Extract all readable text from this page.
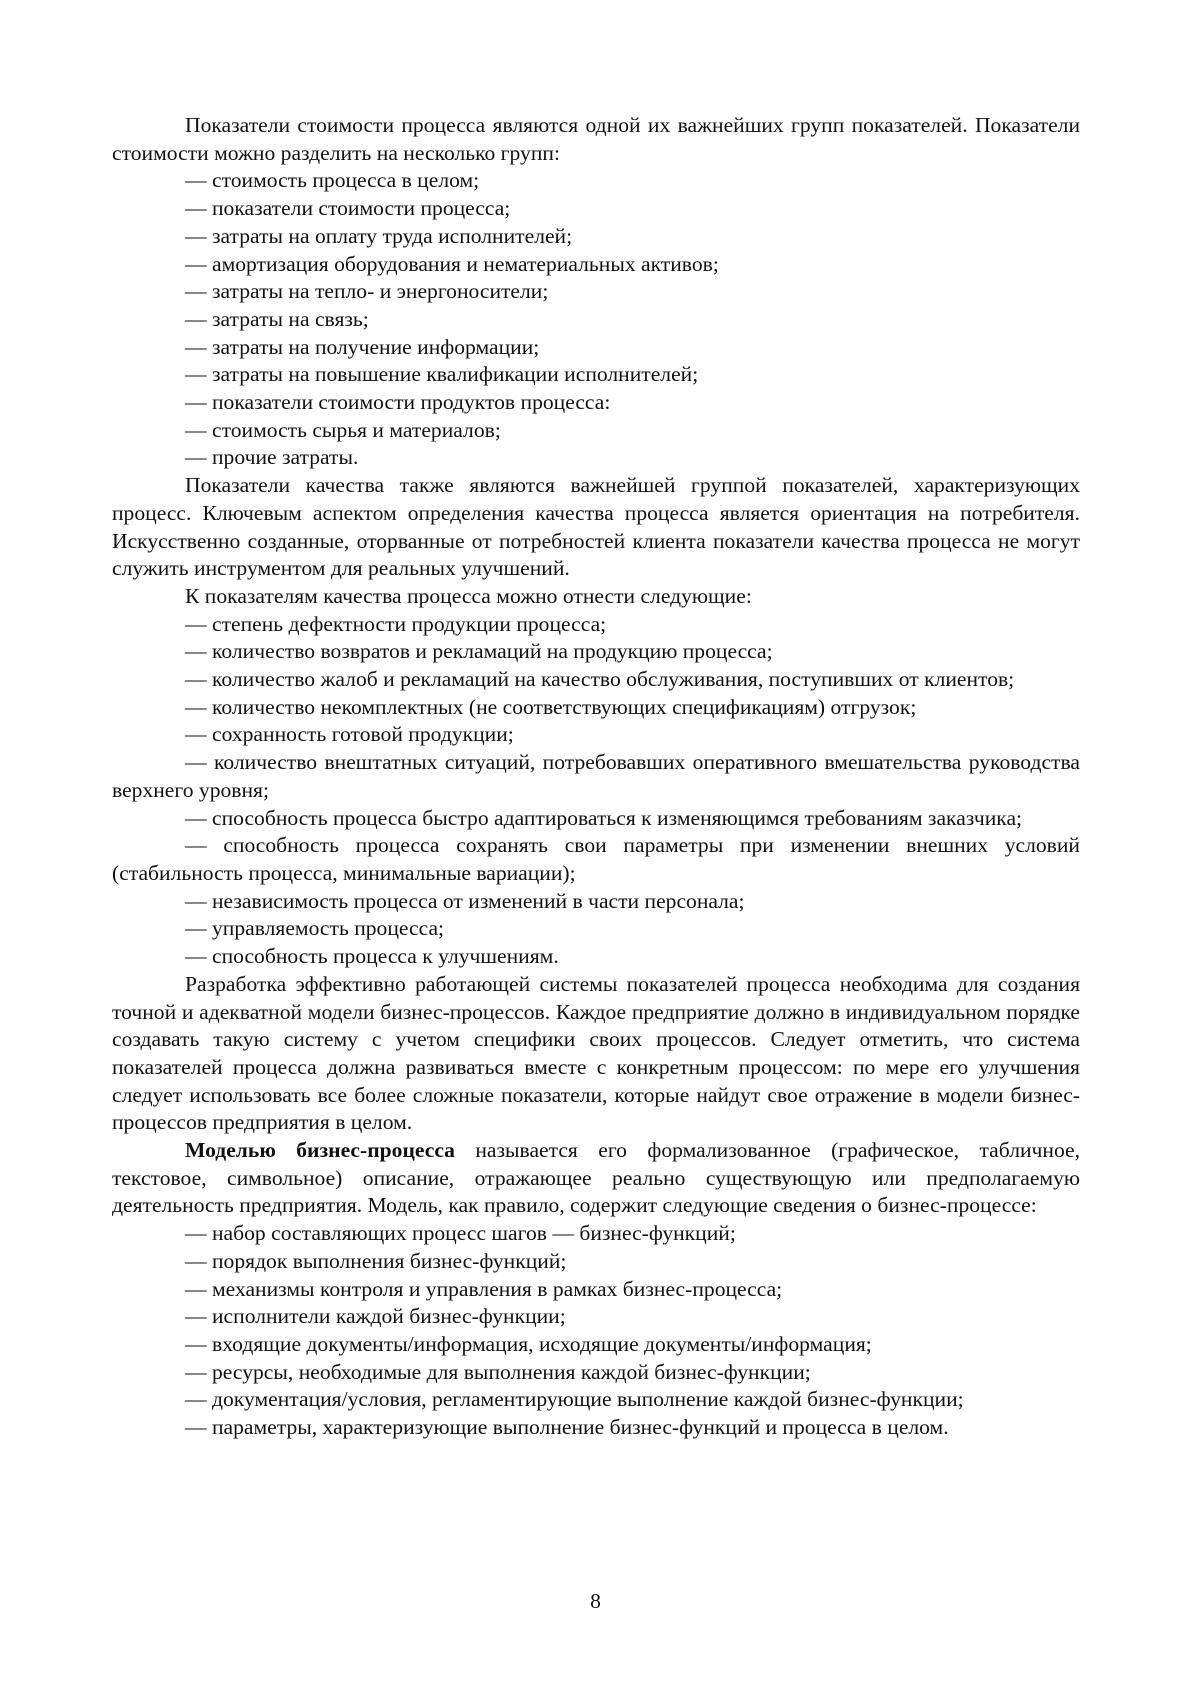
Показатели стоимости процесса являются одной их важнейших групп показателей. Показатели стоимости можно разделить на несколько групп:

— стоимость процесса в целом;

— показатели стоимости процесса;

— затраты на оплату труда исполнителей;

— амортизация оборудования и нематериальных активов;

— затраты на тепло- и энергоносители;

— затраты на связь;

— затраты на получение информации;

— затраты на повышение квалификации исполнителей;

— показатели стоимости продуктов процесса:

— стоимость сырья и материалов;

— прочие затраты.

Показатели качества также являются важнейшей группой показателей, характеризующих процесс. Ключевым аспектом определения качества процесса является ориентация на потребителя. Искусственно созданные, оторванные от потребностей клиента показатели качества процесса не могут служить инструментом для реальных улучшений.

К показателям качества процесса можно отнести следующие:

— степень дефектности продукции процесса;

— количество возвратов и рекламаций на продукцию процесса;

— количество жалоб и рекламаций на качество обслуживания, поступивших от клиентов;

— количество некомплектных (не соответствующих спецификациям) отгрузок;

— сохранность готовой продукции;

— количество внештатных ситуаций, потребовавших оперативного вмешательства руководства верхнего уровня;

— способность процесса быстро адаптироваться к изменяющимся требованиям заказчика;

— способность процесса сохранять свои параметры при изменении внешних условий (стабильность процесса, минимальные вариации);

— независимость процесса от изменений в части персонала;

— управляемость процесса;

— способность процесса к улучшениям.

Разработка эффективно работающей системы показателей процесса необходима для создания точной и адекватной модели бизнес-процессов. Каждое предприятие должно в индивидуальном порядке создавать такую систему с учетом специфики своих процессов. Следует отметить, что система показателей процесса должна развиваться вместе с конкретным процессом: по мере его улучшения следует использовать все более сложные показатели, которые найдут свое отражение в модели бизнес-процессов предприятия в целом.

Моделью бизнес-процесса называется его формализованное (графическое, табличное, текстовое, символьное) описание, отражающее реально существующую или предполагаемую деятельность предприятия. Модель, как правило, содержит следующие сведения о бизнес-процессе:

— набор составляющих процесс шагов — бизнес-функций;

— порядок выполнения бизнес-функций;

— механизмы контроля и управления в рамках бизнес-процесса;

— исполнители каждой бизнес-функции;

— входящие документы/информация, исходящие документы/информация;

— ресурсы, необходимые для выполнения каждой бизнес-функции;

— документация/условия, регламентирующие выполнение каждой бизнес-функции;

— параметры, характеризующие выполнение бизнес-функций и процесса в целом.

8
